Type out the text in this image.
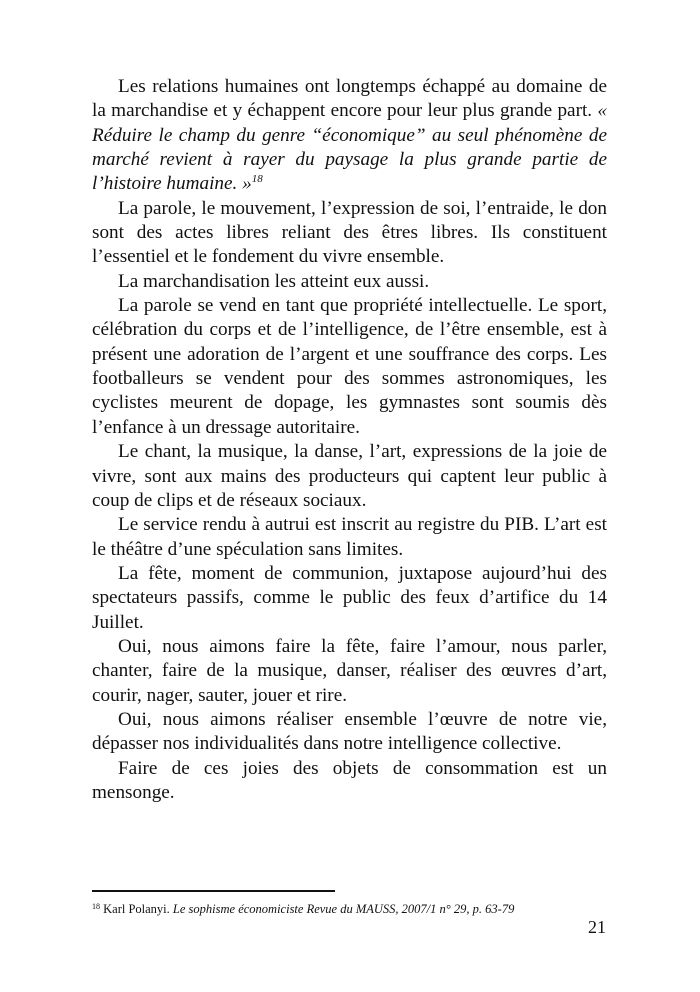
Les relations humaines ont longtemps échappé au domaine de la marchandise et y échappent encore pour leur plus grande part. « Réduire le champ du genre “économique” au seul phénomène de marché revient à rayer du paysage la plus grande partie de l’histoire humaine. »$^{18}$

La parole, le mouvement, l’expression de soi, l’entraide, le don sont des actes libres reliant des êtres libres. Ils constituent l’essentiel et le fondement du vivre ensemble.

La marchandisation les atteint eux aussi.

La parole se vend en tant que propriété intellectuelle. Le sport, célébration du corps et de l’intelligence, de l’être ensemble, est à présent une adoration de l’argent et une souffrance des corps. Les footballeurs se vendent pour des sommes astronomiques, les cyclistes meurent de dopage, les gymnastes sont soumis dès l’enfance à un dressage autoritaire.

Le chant, la musique, la danse, l’art, expressions de la joie de vivre, sont aux mains des producteurs qui captent leur public à coup de clips et de réseaux sociaux.

Le service rendu à autrui est inscrit au registre du PIB. L’art est le théâtre d’une spéculation sans limites.

La fête, moment de communion, juxtapose aujourd’hui des spectateurs passifs, comme le public des feux d’artifice du 14 Juillet.

Oui, nous aimons faire la fête, faire l’amour, nous parler, chanter, faire de la musique, danser, réaliser des œuvres d’art, courir, nager, sauter, jouer et rire.

Oui, nous aimons réaliser ensemble l’œuvre de notre vie, dépasser nos individualités dans notre intelligence collective.

Faire de ces joies des objets de consommation est un mensonge.

$^{18}$ Karl Polanyi. Le sophisme économiciste Revue du MAUSS, 2007/1 n° 29, p. 63-79
21
